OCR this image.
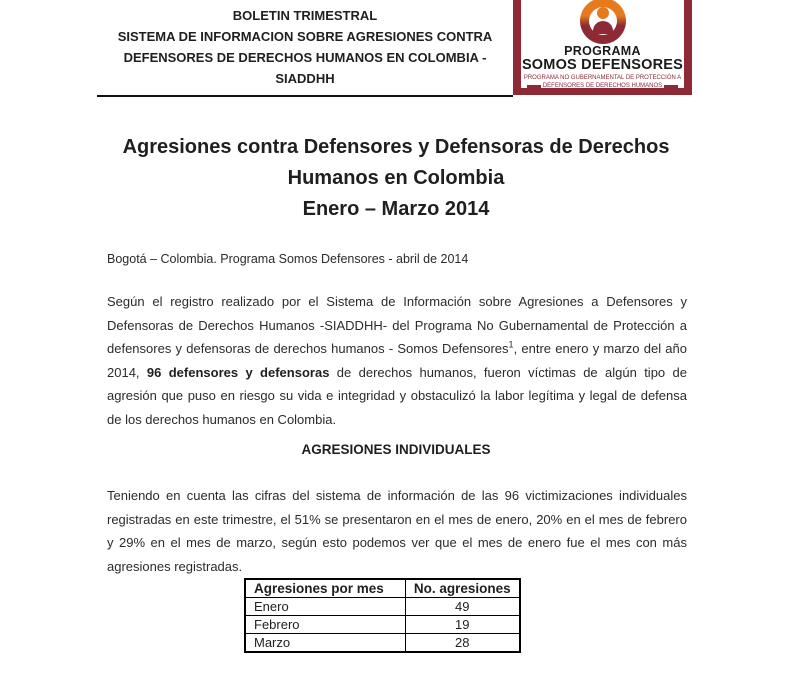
BOLETIN TRIMESTRAL
SISTEMA DE INFORMACION SOBRE AGRESIONES CONTRA DEFENSORES DE DERECHOS HUMANOS EN COLOMBIA - SIADDHH
PROGRAMA
SOMOS DEFENSORES
PROGRAMA NO GUBERNAMENTAL DE PROTECCIÓN A
DEFENSORES DE DERECHOS HUMANOS
Agresiones contra Defensores y Defensoras de Derechos Humanos en Colombia
Enero – Marzo 2014
Bogotá – Colombia. Programa Somos Defensores - abril de 2014
Según el registro realizado por el Sistema de Información sobre Agresiones a Defensores y Defensoras de Derechos Humanos -SIADDHH- del Programa No Gubernamental de Protección a defensores y defensoras de derechos humanos - Somos Defensores$^1$, entre enero y marzo del año 2014, 96 defensores y defensoras de derechos humanos, fueron víctimas de algún tipo de agresión que puso en riesgo su vida e integridad y obstaculizó la labor legítima y legal de defensa de los derechos humanos en Colombia.
AGRESIONES INDIVIDUALES
Teniendo en cuenta las cifras del sistema de información de las 96 victimizaciones individuales registradas en este trimestre, el 51% se presentaron en el mes de enero, 20% en el mes de febrero y 29% en el mes de marzo, según esto podemos ver que el mes de enero fue el mes con más agresiones registradas.
Agresiones por mes	No. agresiones
Enero	49
Febrero	19
Marzo	28
